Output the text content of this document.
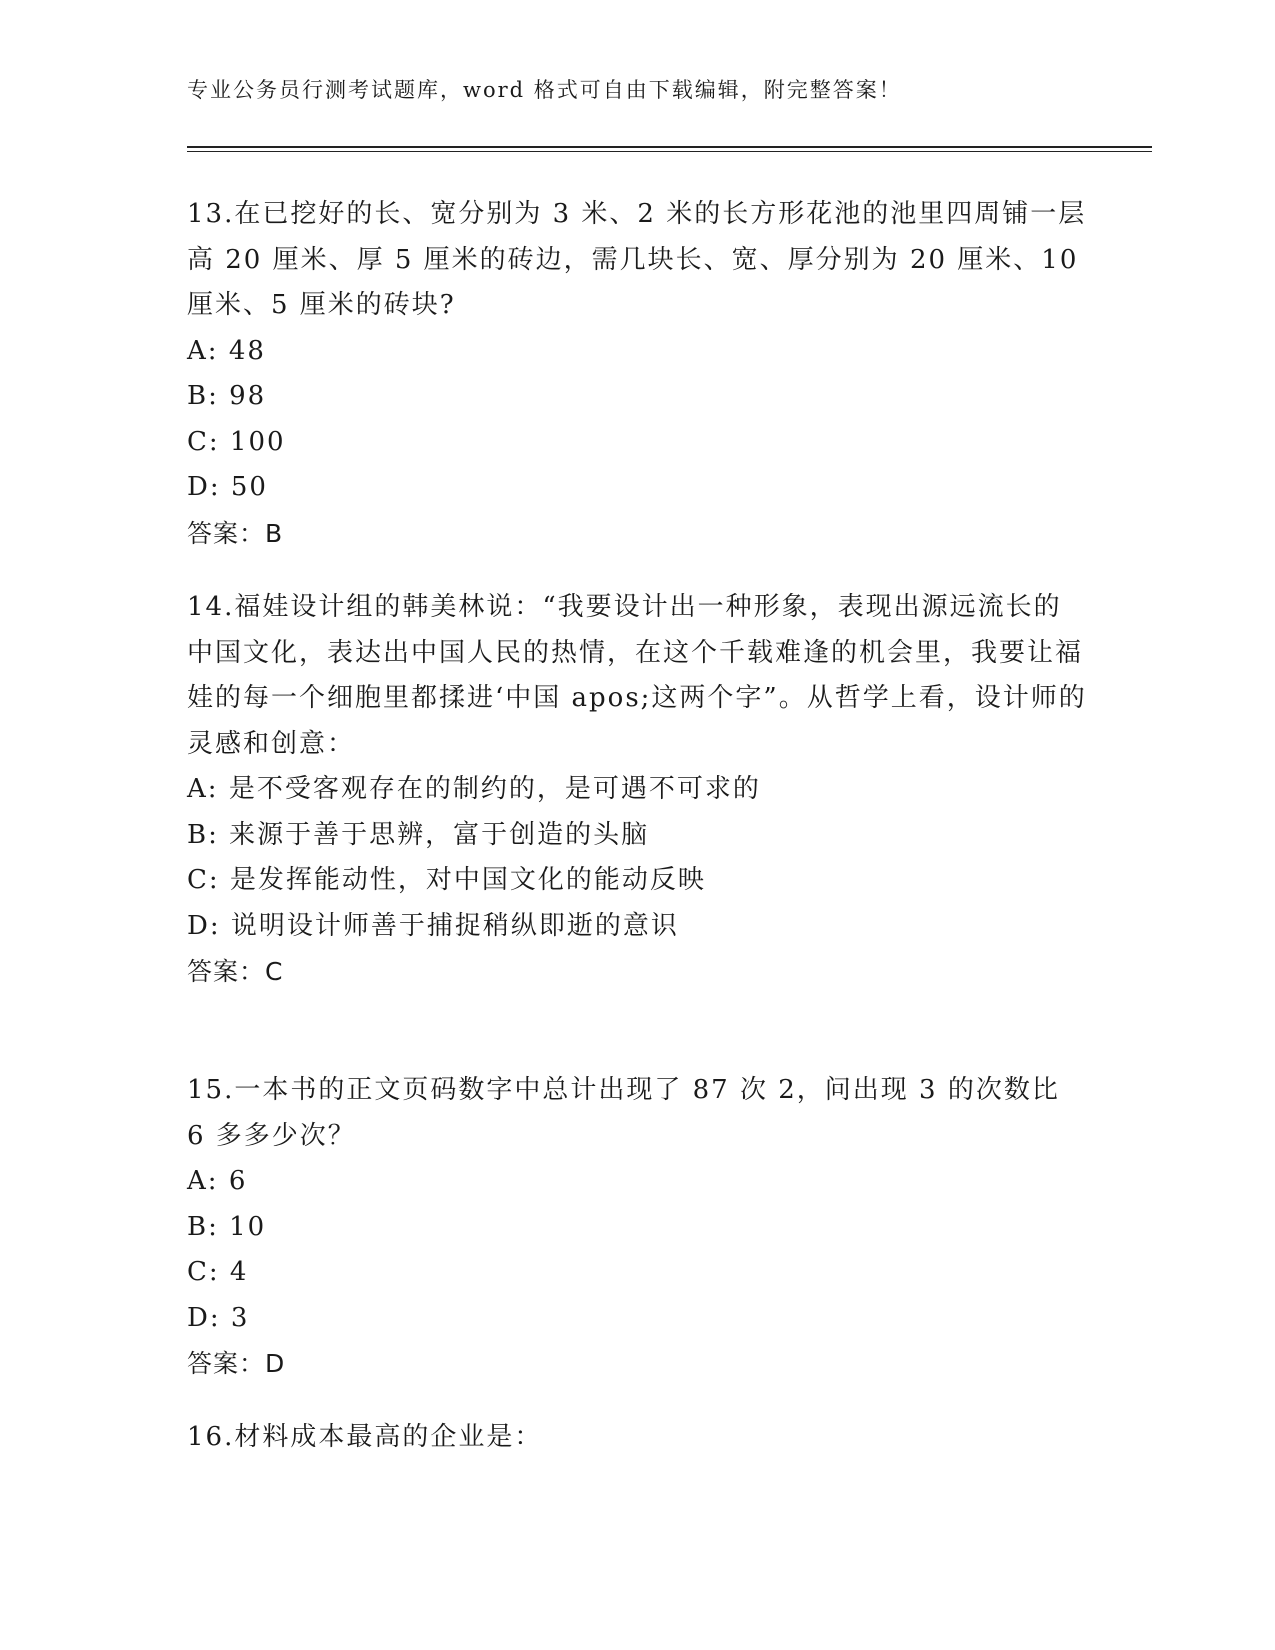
专业公务员行测考试题库，word 格式可自由下载编辑，附完整答案！

13.在已挖好的长、宽分别为 3 米、2 米的长方形花池的池里四周铺一层高 20 厘米、厚 5 厘米的砖边，需几块长、宽、厚分别为 20 厘米、10 厘米、5 厘米的砖块?

A: 48

B: 98

C: 100

D: 50

答案：B

14.福娃设计组的韩美林说：“我要设计出一种形象，表现出源远流长的中国文化，表达出中国人民的热情，在这个千载难逢的机会里，我要让福娃的每一个细胞里都揉进‘中国 apos;这两个字”。从哲学上看，设计师的灵感和创意：

A: 是不受客观存在的制约的，是可遇不可求的

B: 来源于善于思辨，富于创造的头脑

C: 是发挥能动性，对中国文化的能动反映

D: 说明设计师善于捕捉稍纵即逝的意识

答案：C

15.一本书的正文页码数字中总计出现了 87 次 2，问出现 3 的次数比 6 多多少次？

A: 6

B: 10

C: 4

D: 3

答案：D

16.材料成本最高的企业是：
